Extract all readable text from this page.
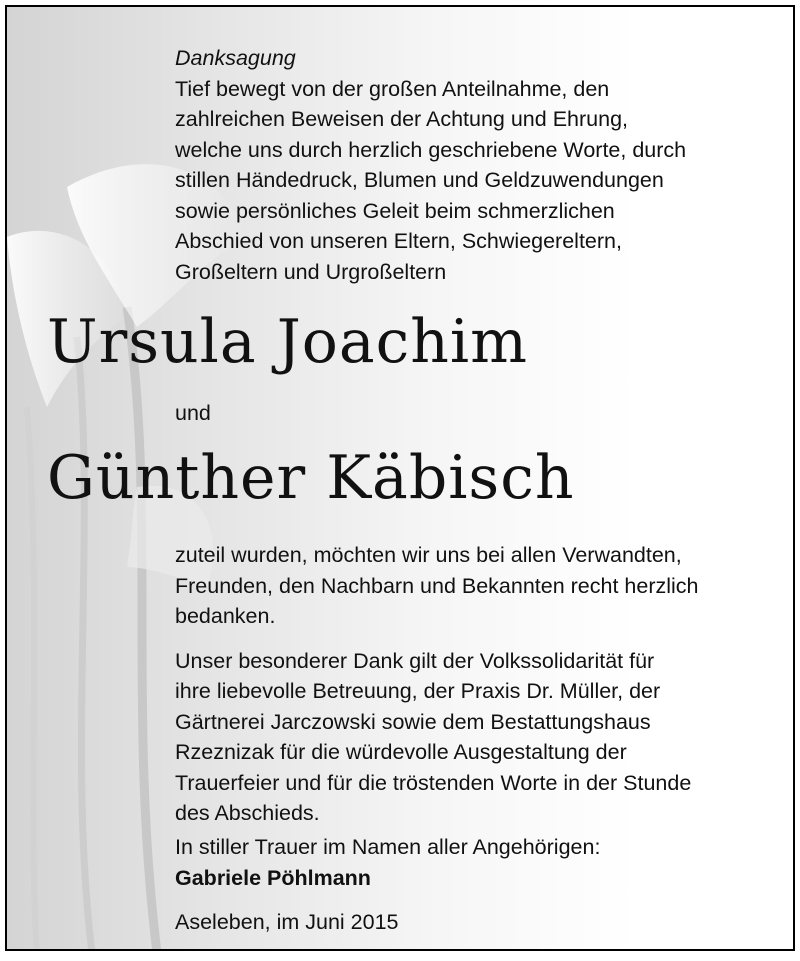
Danksagung

Tief bewegt von der großen Anteilnahme, den

zahlreichen Beweisen der Achtung und Ehrung,

welche uns durch herzlich geschriebene Worte, durch

stillen Händedruck, Blumen und Geldzuwendungen

sowie persönliches Geleit beim schmerzlichen

Abschied von unseren Eltern, Schwiegereltern,

Großeltern und Urgroßeltern

Ursula Joachim
und
Günther Käbisch

zuteil wurden, möchten wir uns bei allen Verwandten,

Freunden, den Nachbarn und Bekannten recht herzlich

bedanken.

Unser besonderer Dank gilt der Volkssolidarität für

ihre liebevolle Betreuung, der Praxis Dr. Müller, der

Gärtnerei Jarczowski sowie dem Bestattungshaus

Rzeznizak für die würdevolle Ausgestaltung der

Trauerfeier und für die tröstenden Worte in der Stunde

des Abschieds.

In stiller Trauer im Namen aller Angehörigen:

Gabriele Pöhlmann

Aseleben, im Juni 2015
